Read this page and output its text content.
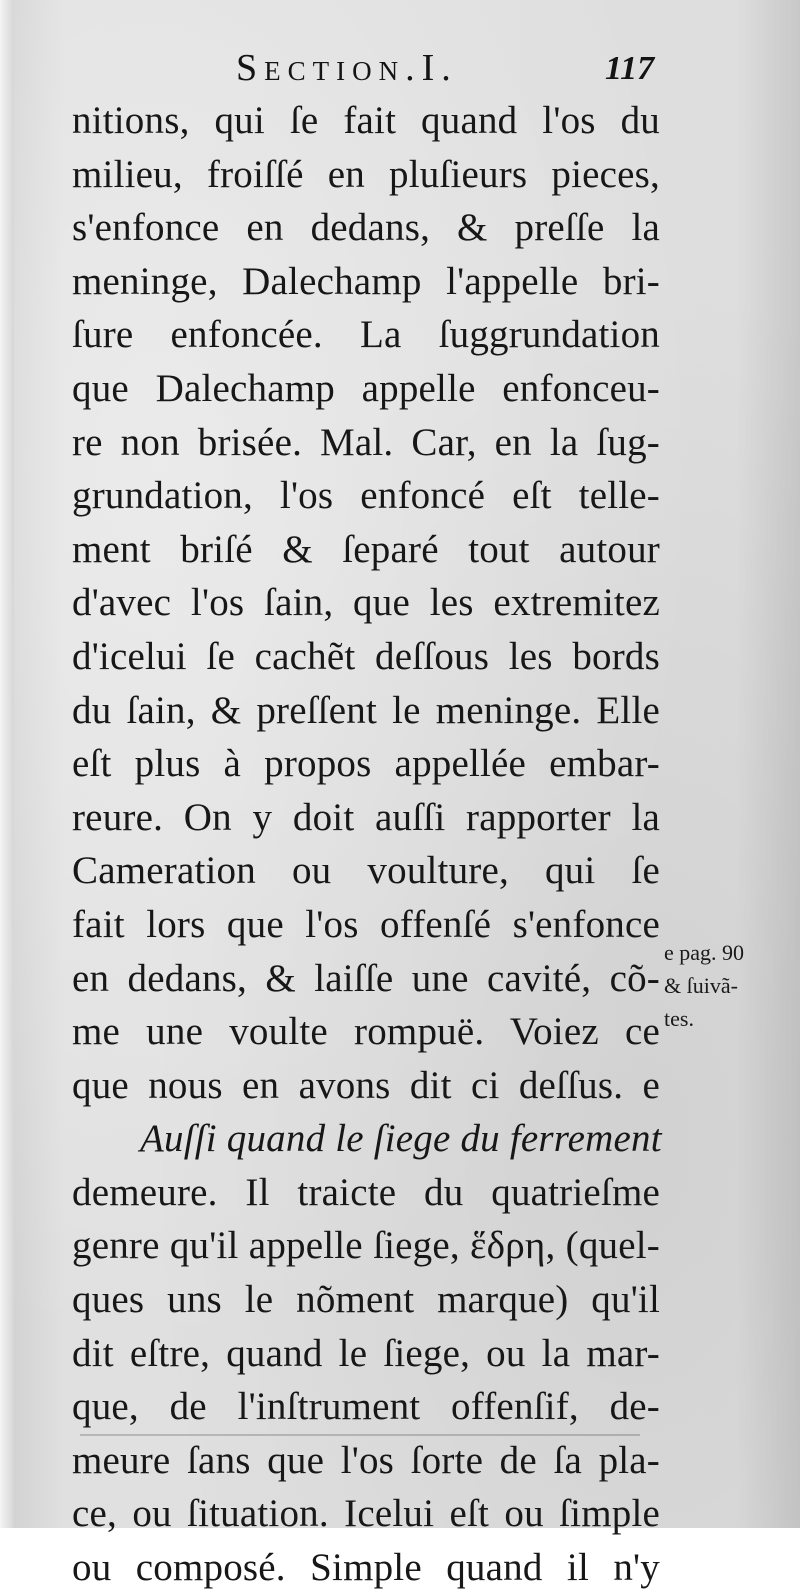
Section.I.	117
nitions, qui ſe fait quand l'os du
milieu, froiſſé en pluſieurs pieces,
s'enfonce en dedans, & preſſe la
meninge, Dalechamp l'appelle bri-
ſure enfoncée. La ſuggrundation
que Dalechamp appelle enfonceu-
re non brisée. Mal. Car, en la ſug-
grundation, l'os enfoncé eſt telle-
ment briſé & ſeparé tout autour
d'avec l'os ſain, que les extremitez
d'icelui ſe cachẽt deſſous les bords
du ſain, & preſſent le meninge. Elle
eſt plus à propos appellée embar-
reure. On y doit auſſi rapporter la
Cameration ou voulture, qui ſe
fait lors que l'os offenſé s'enfonce
en dedans, & laiſſe une cavité, cõ-
me une voulte rompuë. Voiez ce
que nous en avons dit ci deſſus. e
Auſſi quand le ſiege du ferrement
demeure. Il traicte du quatrieſme
genre qu'il appelle ſiege, ἕδρη, (quel-
ques uns le nõment marque) qu'il
dit eſtre, quand le ſiege, ou la mar-
que, de l'inſtrument offenſif, de-
meure ſans que l'os ſorte de ſa pla-
ce, ou ſituation. Icelui eſt ou ſimple
ou composé. Simple quand il n'y
e pag. 90
& ſuivã-
tes.
